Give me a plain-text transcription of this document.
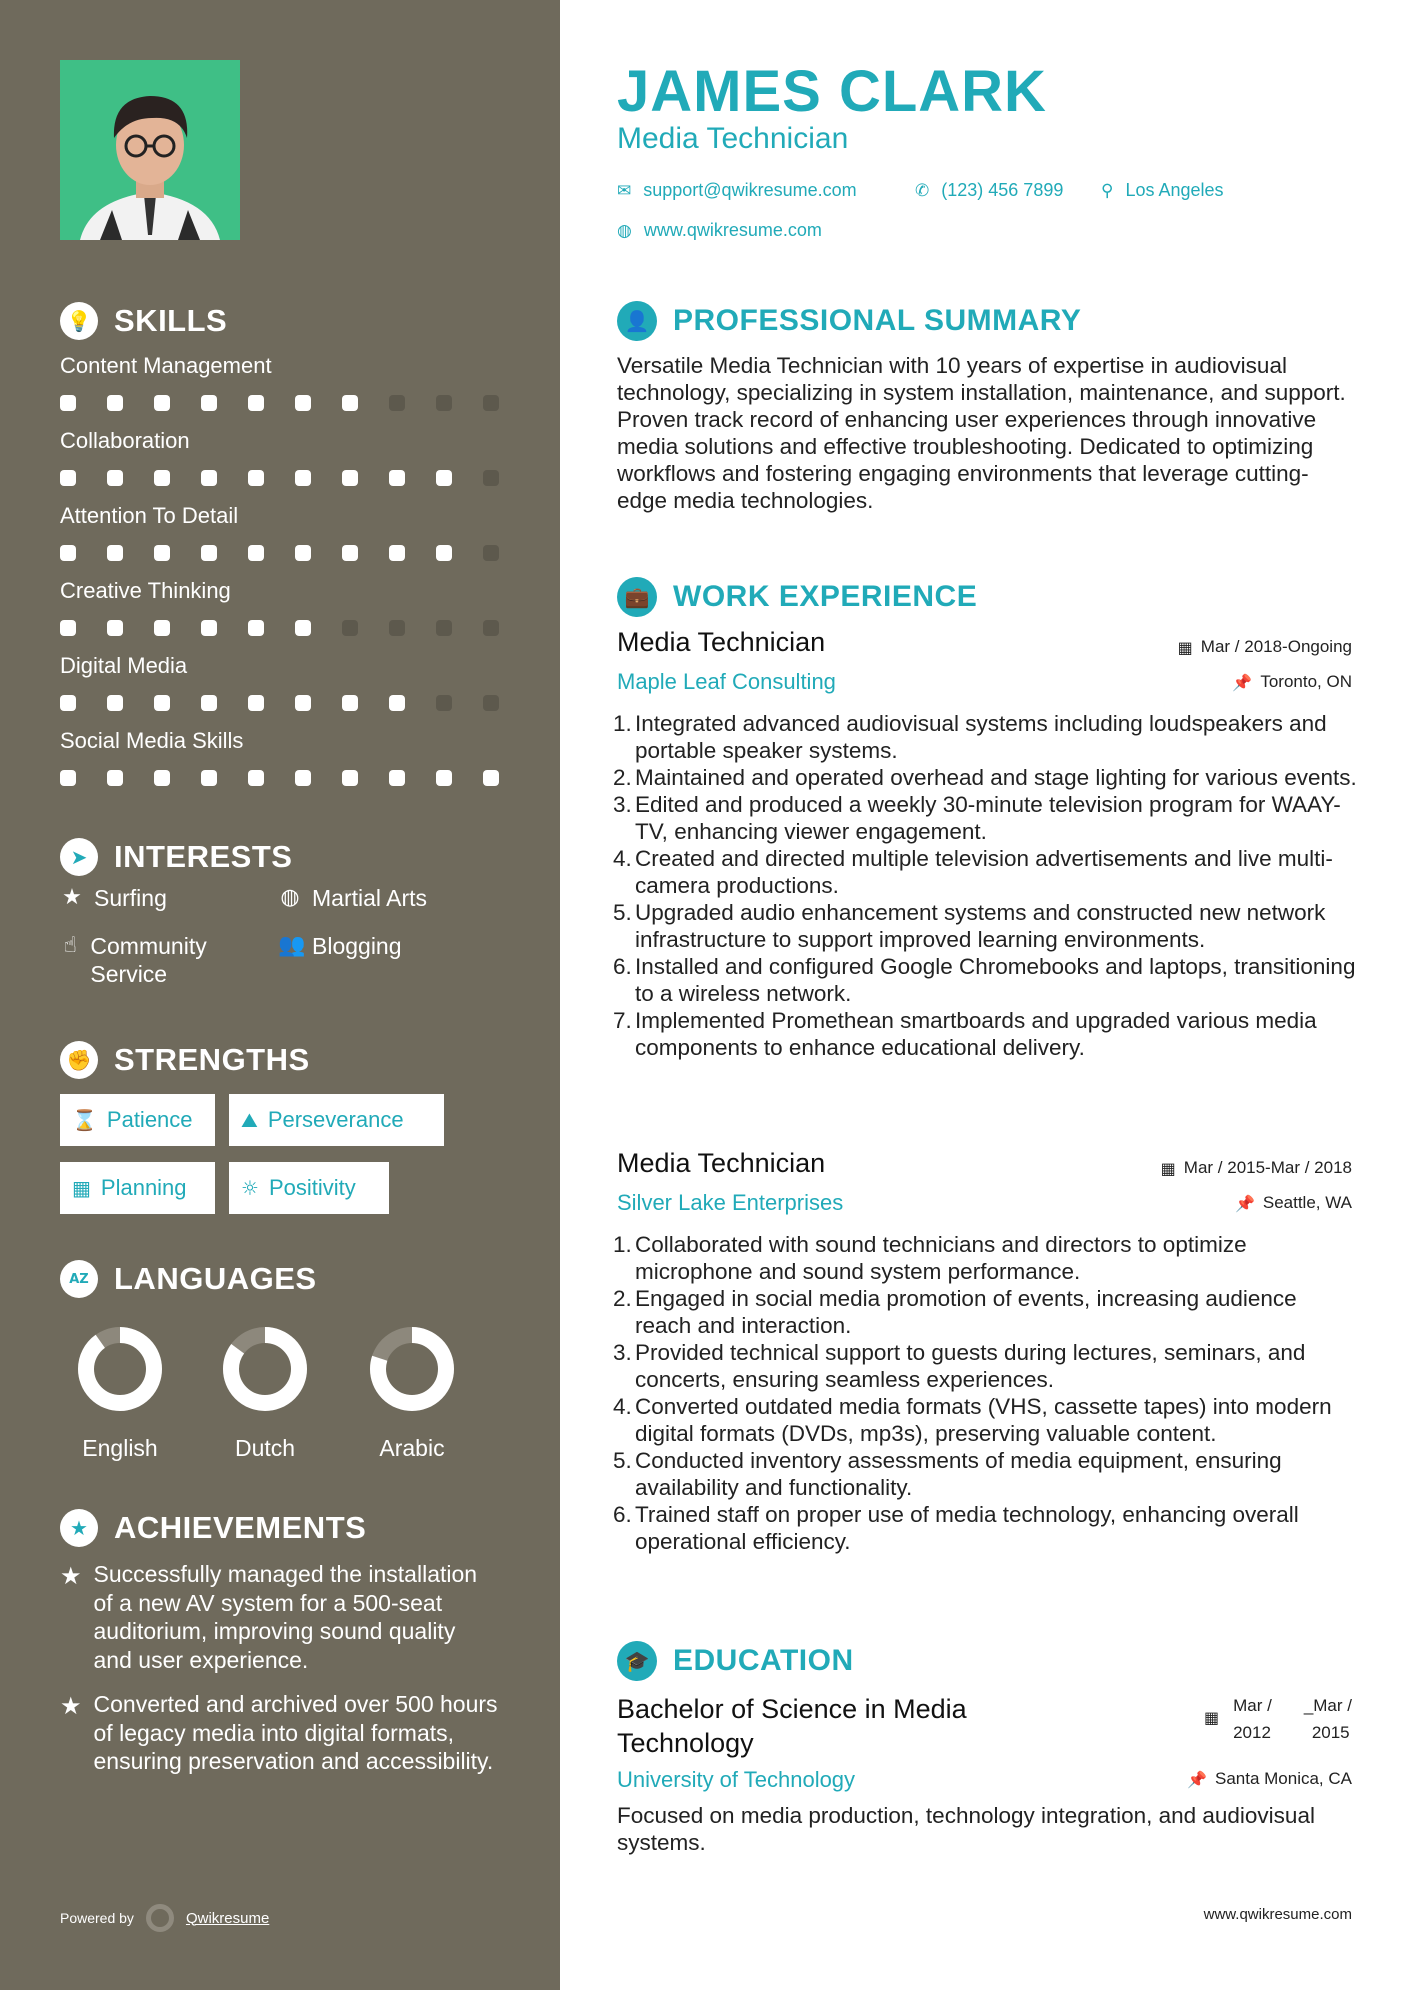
💡 SKILLS
Content Management
Collaboration
Attention To Detail
Creative Thinking
Digital Media
Social Media Skills
➤ INTERESTS
★ Surfing	◍ Martial Arts
☝ Community Service
👥 Blogging
✊ STRENGTHS
⌛ Patience ⛰ Perseverance
▦ Planning	☼ Positivity
AZ LANGUAGES
English	Dutch	Arabic
★ ACHIEVEMENTS
★ Successfully managed the installation of a new AV system for a 500-seat auditorium, improving sound quality and user experience.
★ Converted and archived over 500 hours of legacy media into digital formats, ensuring preservation and accessibility.
Powered by	Qwikresume
JAMES CLARK
Media Technician
✉ support@qwikresume.com	✆ (123) 456 7899 ⚲ Los Angeles
◍ www.qwikresume.com
👤 PROFESSIONAL SUMMARY
Versatile Media Technician with 10 years of expertise in audiovisual technology, specializing in system installation, maintenance, and support. Proven track record of enhancing user experiences through innovative media solutions and effective troubleshooting. Dedicated to optimizing workflows and fostering engaging environments that leverage cutting-edge media technologies.
💼 WORK EXPERIENCE
Media Technician	▦ Mar / 2018-Ongoing
Maple Leaf Consulting	📌 Toronto, ON
1. Integrated advanced audiovisual systems including loudspeakers and portable speaker systems.
2. Maintained and operated overhead and stage lighting for various events.
3. Edited and produced a weekly 30-minute television program for WAAY-TV, enhancing viewer engagement.
4. Created and directed multiple television advertisements and live multi-camera productions.
5. Upgraded audio enhancement systems and constructed new network infrastructure to support improved learning environments.
6. Installed and configured Google Chromebooks and laptops, transitioning to a wireless network.
7. Implemented Promethean smartboards and upgraded various media components to enhance educational delivery.
Media Technician	▦ Mar / 2015-Mar / 2018
Silver Lake Enterprises	📌 Seattle, WA
1. Collaborated with sound technicians and directors to optimize microphone and sound system performance.
2. Engaged in social media promotion of events, increasing audience reach and interaction.
3. Provided technical support to guests during lectures, seminars, and concerts, ensuring seamless experiences.
4. Converted outdated media formats (VHS, cassette tapes) into modern digital formats (DVDs, mp3s), preserving valuable content.
5. Conducted inventory assessments of media equipment, ensuring availability and functionality.
6. Trained staff on proper use of media technology, enhancing overall operational efficiency.
🎓 EDUCATION
Bachelor of Science in Media
Technology
▦
Mar /
2012
_Mar /
2015
University of Technology	📌 Santa Monica, CA
Focused on media production, technology integration, and audiovisual systems.
www.qwikresume.com
